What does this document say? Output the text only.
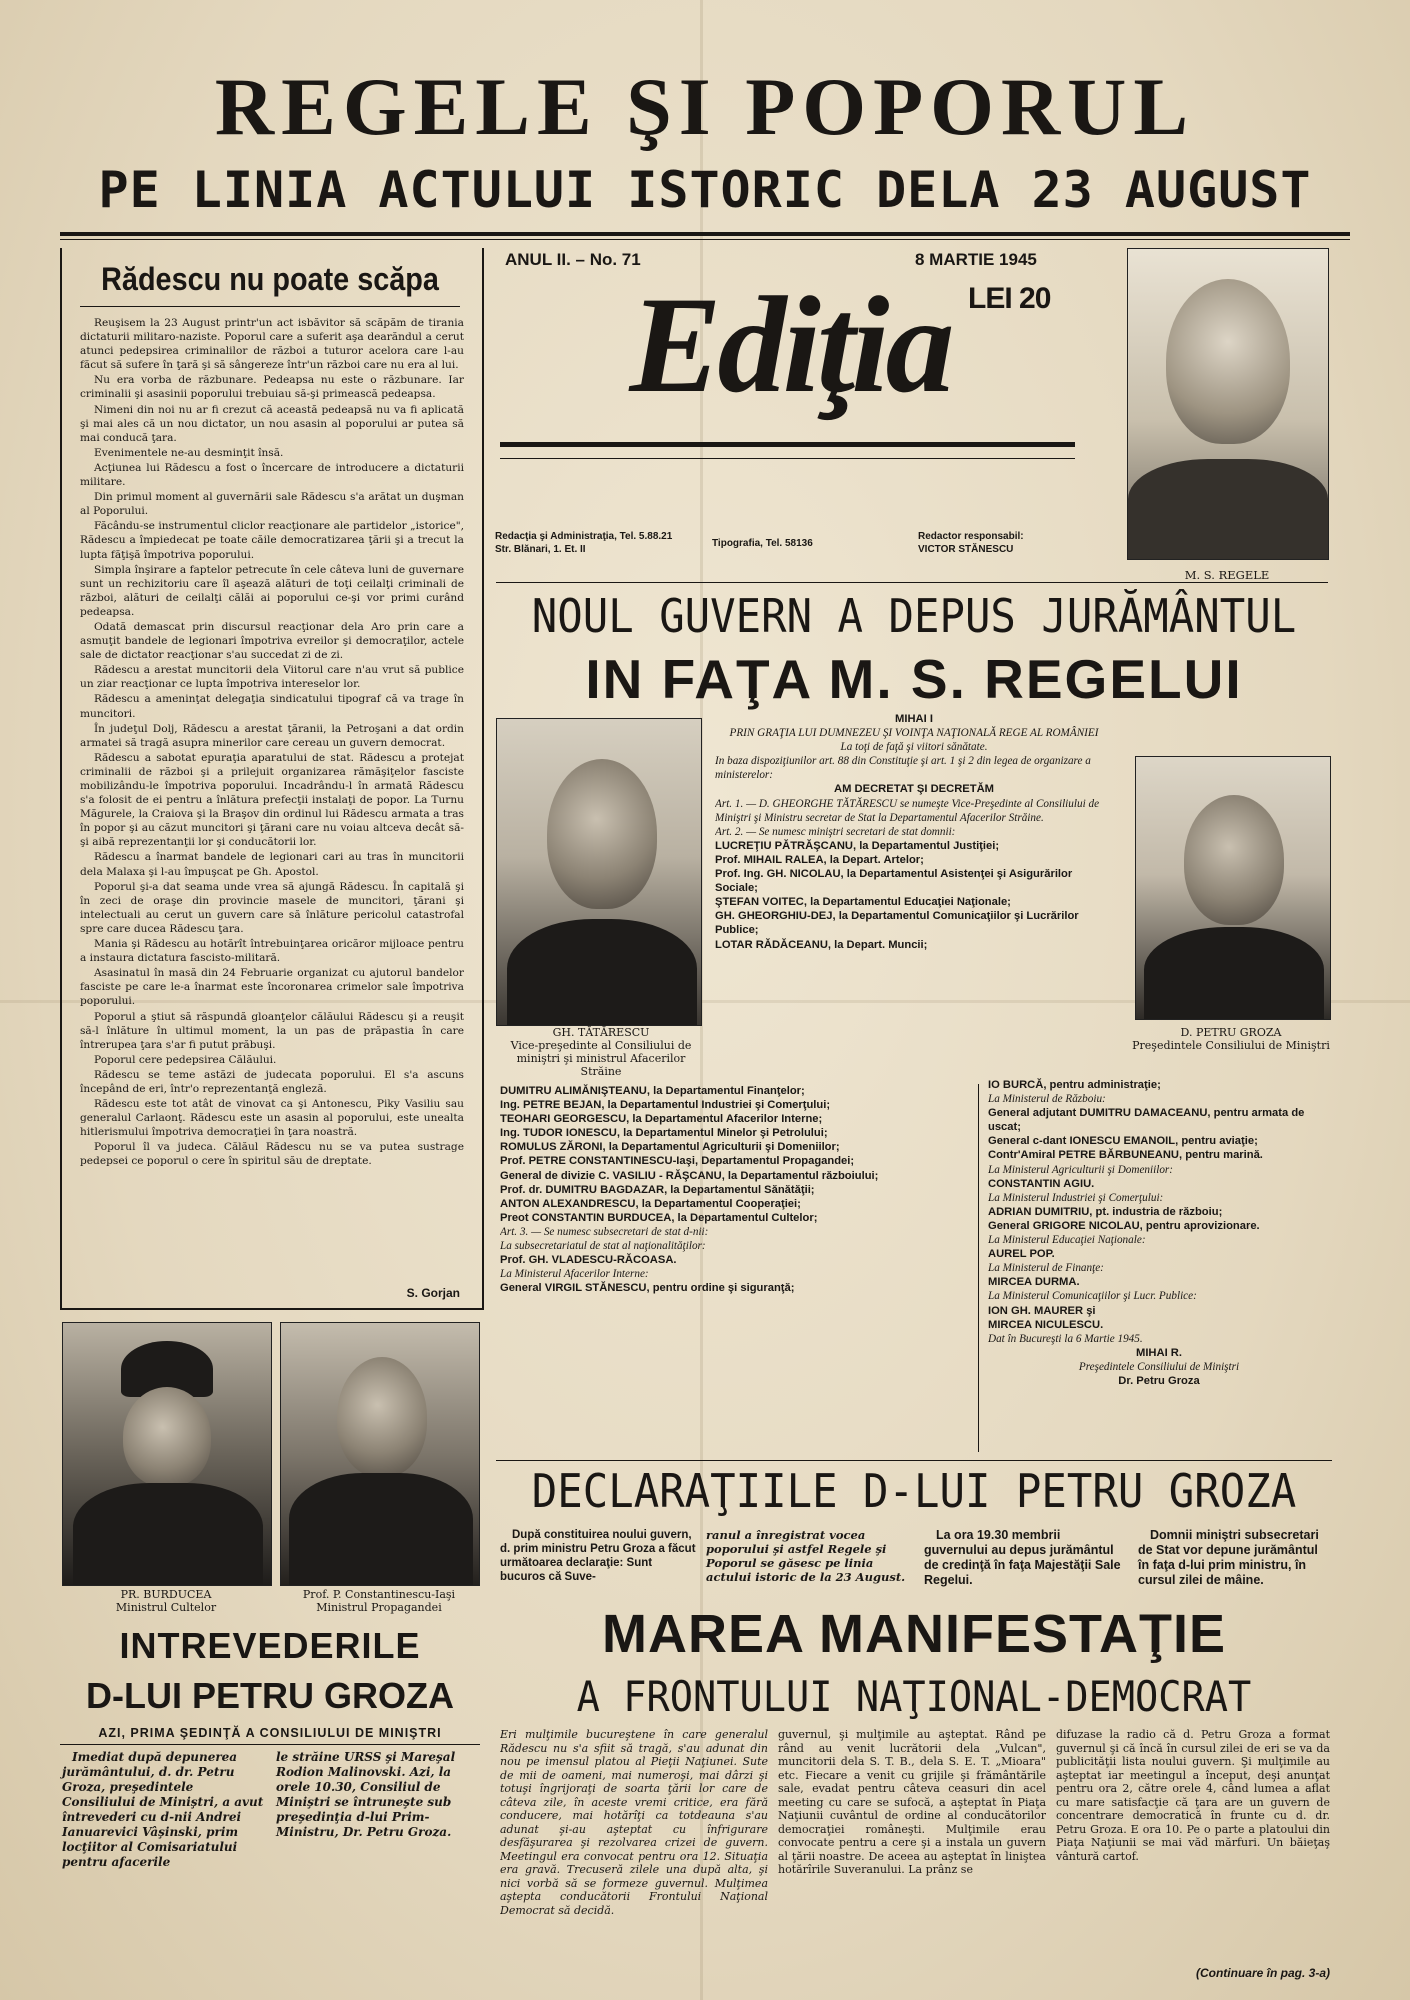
REGELE ŞI POPORUL
PE LINIA ACTULUI ISTORIC DELA 23 AUGUST
Rădescu nu poate scăpa

Reuşisem la 23 August printr'un act isbăvitor să scăpăm de tirania dictaturii militaro-naziste. Poporul care a suferit aşa dearăndul a cerut atunci pedepsirea criminalilor de război a tuturor acelora care l-au făcut să sufere în ţară şi să sângereze într'un război care nu era al lui.

Nu era vorba de răzbunare. Pedeapsa nu este o răzbunare. Iar criminalii şi asasinii poporului trebuiau să-şi primească pedeapsa.

Nimeni din noi nu ar fi crezut că această pedeapsă nu va fi aplicată şi mai ales că un nou dictator, un nou asasin al poporului ar putea să mai conducă ţara.

Evenimentele ne-au desminţit însă.

Acţiunea lui Rădescu a fost o încercare de introducere a dictaturii militare.

Din primul moment al guvernării sale Rădescu s'a arătat un duşman al Poporului.

Făcându-se instrumentul cliclor reacţionare ale partidelor „istorice", Rădescu a împiedecat pe toate căile democratizarea ţării şi a trecut la lupta făţişă împotriva poporului.

Simpla înşirare a faptelor petrecute în cele câteva luni de guvernare sunt un rechizitoriu care îl aşează alături de toţi ceilalţi criminali de război, alături de ceilalţi călăi ai poporului ce-şi vor primi curând pedeapsa.

Odată demascat prin discursul reacţionar dela Aro prin care a asmuţit bandele de legionari împotriva evreilor şi democraţilor, actele sale de dictator reacţionar s'au succedat zi de zi.

Rădescu a arestat muncitorii dela Viitorul care n'au vrut să publice un ziar reacţionar ce lupta împotriva intereselor lor.

Rădescu a ameninţat delegaţia sindicatului tipograf că va trage în muncitori.

În judeţul Dolj, Rădescu a arestat ţăranii, la Petroşani a dat ordin armatei să tragă asupra minerilor care cereau un guvern democrat.

Rădescu a sabotat epuraţia aparatului de stat. Rădescu a protejat criminalii de război şi a prilejuit organizarea rămăşiţelor fasciste mobilizându-le împotriva poporului. Incadrându-l în armată Rădescu s'a folosit de ei pentru a înlătura prefecţii instalaţi de popor. La Turnu Măgurele, la Craiova şi la Braşov din ordinul lui Rădescu armata a tras în popor şi au căzut muncitori şi ţărani care nu voiau altceva decât să-şi aibă reprezentanţii lor şi conducătorii lor.

Rădescu a înarmat bandele de legionari cari au tras în muncitorii dela Malaxa şi l-au împuşcat pe Gh. Apostol.

Poporul şi-a dat seama unde vrea să ajungă Rădescu. În capitală şi în zeci de oraşe din provincie masele de muncitori, ţărani şi intelectuali au cerut un guvern care să înlăture pericolul catastrofal spre care ducea Rădescu ţara.

Mania şi Rădescu au hotărît întrebuinţarea oricăror mijloace pentru a instaura dictatura fascisto-militară.

Asasinatul în masă din 24 Februarie organizat cu ajutorul bandelor fasciste pe care le-a înarmat este încoronarea crimelor sale împotriva poporului.

Poporul a ştiut să răspundă gloanţelor călăului Rădescu şi a reuşit să-l înlăture în ultimul moment, la un pas de prăpastia în care întrerupea ţara s'ar fi putut prăbuşi.

Poporul cere pedepsirea Călăului.

Rădescu se teme astăzi de judecata poporului. El s'a ascuns începând de eri, într'o reprezentanţă engleză.

Rădescu este tot atât de vinovat ca şi Antonescu, Piky Vasiliu sau generalul Carlaonţ. Rădescu este un asasin al poporului, este unealta hitlerismului împotriva democraţiei în ţara noastră.

Poporul îl va judeca. Călăul Rădescu nu se va putea sustrage pedepsei ce poporul o cere în spiritul său de dreptate.

S. Gorjan
ANUL II. – No. 71	8 MARTIE 1945
LEI 20
Ediţia
Redacţia şi Administraţia, Tel. 5.88.21
Str. Blănari, 1. Et. II
Tipografia, Tel. 58136
Redactor responsabil:
VICTOR STĂNESCU
M. S. REGELE
NOUL GUVERN A DEPUS JURĂMÂNTUL
IN FAŢA M. S. REGELUI
GH. TĂTĂRESCU
Vice-preşedinte al Consiliului de miniştri şi ministrul Afacerilor Străine
D. PETRU GROZA
Preşedintele Consiliului de Miniştri

MIHAI I

PRIN GRAŢIA LUI DUMNEZEU ŞI VOINŢA NAŢIONALĂ REGE AL ROMÂNIEI

La toţi de faţă şi viitori sănătate.

In baza dispoziţiunilor art. 88 din Constituţie şi art. 1 şi 2 din legea de organizare a ministerelor:

AM DECRETAT ŞI DECRETĂM

Art. 1. — D. GHEORGHE TĂTĂRESCU se numeşte Vice-Preşedinte al Consiliului de Miniştri şi Ministru secretar de Stat la Departamentul Afacerilor Străine.

Art. 2. — Se numesc miniştri secretari de stat domnii:

LUCREŢIU PĂTRĂŞCANU, la Departamentul Justiţiei;

Prof. MIHAIL RALEA, la Depart. Artelor;

Prof. Ing. GH. NICOLAU, la Departamentul Asistenţei şi Asigurărilor Sociale;

ŞTEFAN VOITEC, la Departamentul Educaţiei Naţionale;

GH. GHEORGHIU-DEJ, la Departamentul Comunicaţiilor şi Lucrărilor Publice;

LOTAR RĂDĂCEANU, la Depart. Muncii;

DUMITRU ALIMĂNIŞTEANU, la Departamentul Finanţelor;

Ing. PETRE BEJAN, la Departamentul Industriei şi Comerţului;

TEOHARI GEORGESCU, la Departamentul Afacerilor Interne;

Ing. TUDOR IONESCU, la Departamentul Minelor şi Petrolului;

ROMULUS ZĂRONI, la Departamentul Agriculturii şi Domeniilor;

Prof. PETRE CONSTANTINESCU-Iaşi, Departamentul Propagandei;

General de divizie C. VASILIU - RĂŞCANU, la Departamentul războiului;

Prof. dr. DUMITRU BAGDAZAR, la Departamentul Sănătăţii;

ANTON ALEXANDRESCU, la Departamentul Cooperaţiei;

Preot CONSTANTIN BURDUCEA, la Departamentul Cultelor;

Art. 3. — Se numesc subsecretari de stat d-nii:

La subsecretariatul de stat al naţionalităţilor:

Prof. GH. VLADESCU-RĂCOASA.

La Ministerul Afacerilor Interne:

General VIRGIL STĂNESCU, pentru ordine şi siguranţă;

IO BURCĂ, pentru administraţie;

La Ministerul de Războiu:

General adjutant DUMITRU DAMACEANU, pentru armata de uscat;

General c-dant IONESCU EMANOIL, pentru aviaţie;

Contr'Amiral PETRE BĂRBUNEANU, pentru marină.

La Ministerul Agriculturii şi Domeniilor:

CONSTANTIN AGIU.

La Ministerul Industriei şi Comerţului:

ADRIAN DUMITRIU, pt. industria de războiu;

General GRIGORE NICOLAU, pentru aprovizionare.

La Ministerul Educaţiei Naţionale:

AUREL POP.

La Ministerul de Finanţe:

MIRCEA DURMA.

La Ministerul Comunicaţiilor şi Lucr. Publice:

ION GH. MAURER şi

MIRCEA NICULESCU.

Dat în Bucureşti la 6 Martie 1945.

MIHAI R.

Preşedintele Consiliului de Miniştri

Dr. Petru Groza

DECLARAŢIILE D-LUI PETRU GROZA
După constituirea noului guvern, d. prim ministru Petru Groza a făcut următoarea declaraţie: Sunt bucuros că Suve-
ranul a înregistrat vocea poporului şi astfel Regele şi Poporul se găsesc pe linia actului istoric de la 23 August.
La ora 19.30 membrii guvernului au depus jurământul de credinţă în faţa Majestăţii Sale Regelui.
Domnii miniştri subsecretari de Stat vor depune jurământul în faţa d-lui prim ministru, în cursul zilei de mâine.
MAREA MANIFESTAŢIE
A FRONTULUI NAŢIONAL-DEMOCRAT
Eri mulţimile bucureştene în care generalul Rădescu nu s'a sfiit să tragă, s'au adunat din nou pe imensul platou al Pieţii Naţiunei. Sute de mii de oameni, mai numeroşi, mai dârzi şi totuşi îngrijoraţi de soarta ţării lor care de câteva zile, în aceste vremi critice, era fără conducere, mai hotărîţi ca totdeauna s'au adunat şi-au aşteptat cu înfrigurare desfăşurarea şi rezolvarea crizei de guvern. Meetingul era convocat pentru ora 12. Situaţia era gravă. Trecuseră zilele una după alta, şi nici vorbă să se formeze guvernul. Mulţimea aştepta conducătorii Frontului Naţional Democrat să decidă.
guvernul, şi mulţimile au aşteptat. Rând pe rând au venit lucrătorii dela „Vulcan", muncitorii dela S. T. B., dela S. E. T. „Mioara" etc. Fiecare a venit cu grijile şi frământările sale, evadat pentru câteva ceasuri din acel meeting cu care se sufocă, a aşteptat în Piaţa Naţiunii cuvântul de ordine al conducătorilor democraţiei româneşti. Mulţimile erau convocate pentru a cere şi a instala un guvern al ţării noastre. De aceea au aşteptat în liniştea hotărîrile Suveranului. La prânz se
difuzase la radio că d. Petru Groza a format guvernul şi că încă în cursul zilei de eri se va da publicităţii lista noului guvern. Şi mulţimile au aşteptat iar meetingul a început, deşi anunţat pentru ora 2, către orele 4, când lumea a aflat cu mare satisfacţie că ţara are un guvern de concentrare democratică în frunte cu d. dr. Petru Groza. E ora 10. Pe o parte a platoului din Piaţa Naţiunii se mai văd mărfuri. Un băieţaş vântură cartof.
(Continuare în pag. 3-a)
PR. BURDUCEA
Ministrul Cultelor
Prof. P. Constantinescu-Iaşi
Ministrul Propagandei
INTREVEDERILE
D-LUI PETRU GROZA
AZI, PRIMA ŞEDINŢĂ A CONSILIULUI DE MINIŞTRI
Imediat după depunerea jurământului, d. dr. Petru Groza, preşedintele Consiliului de Miniştri, a avut întrevederi cu d-nii Andrei Ianuarevici Vâşinski, prim locţiitor al Comisariatului pentru afacerile
le străine URSS şi Mareşal Rodion Malinovski. Azi, la orele 10.30, Consiliul de Miniştri se întruneşte sub preşedinţia d-lui Prim-Ministru, Dr. Petru Groza.
